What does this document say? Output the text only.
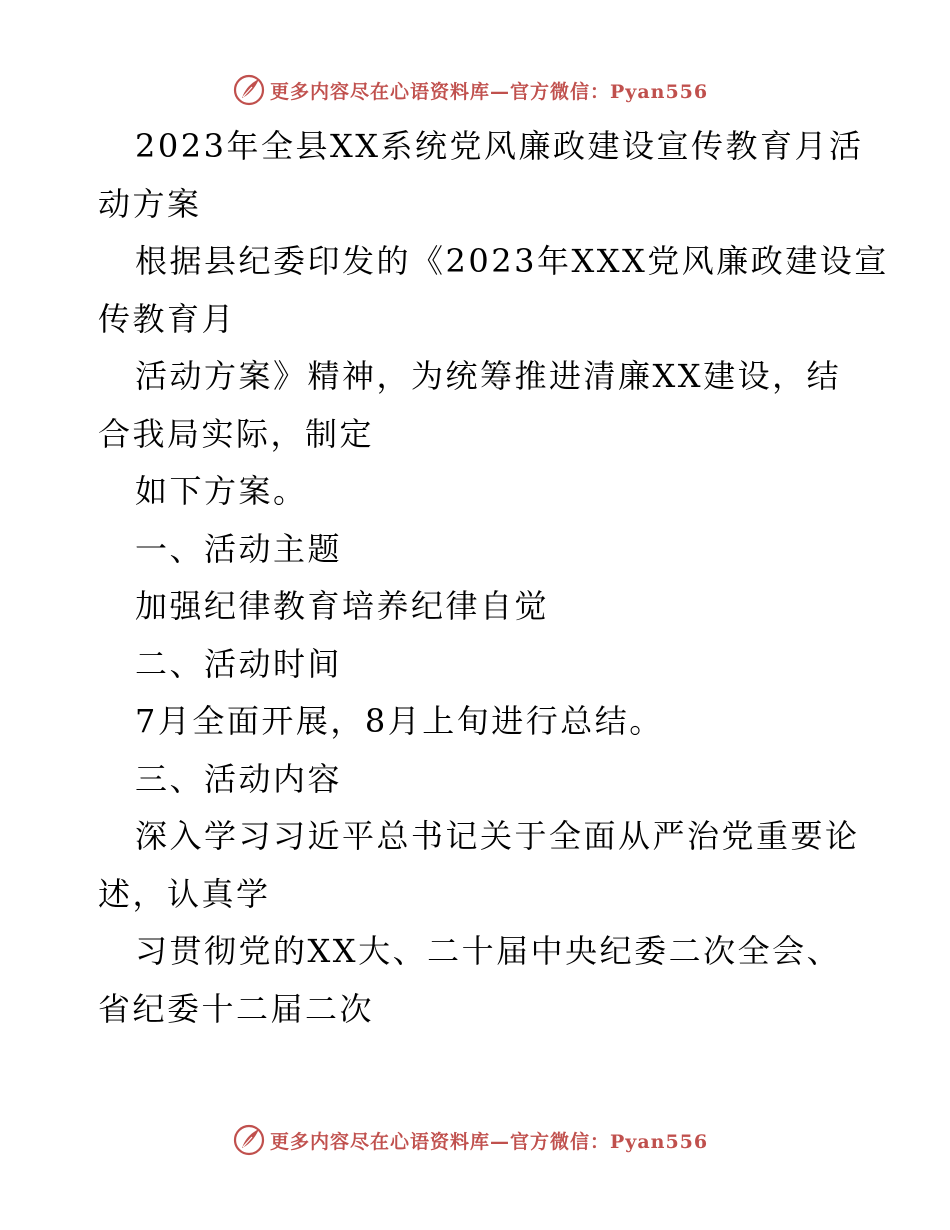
更多内容尽在心语资料库—官方微信：Pyan556
2023年全县XX系统党风廉政建设宣传教育月活
动方案
根据县纪委印发的《2023年XXX党风廉政建设宣
传教育月
活动方案》精神，为统筹推进清廉XX建设，结
合我局实际，制定
如下方案。
一、活动主题
加强纪律教育培养纪律自觉
二、活动时间
7月全面开展，8月上旬进行总结。
三、活动内容
深入学习习近平总书记关于全面从严治党重要论
述，认真学
习贯彻党的XX大、二十届中央纪委二次全会、
省纪委十二届二次
更多内容尽在心语资料库—官方微信：Pyan556
